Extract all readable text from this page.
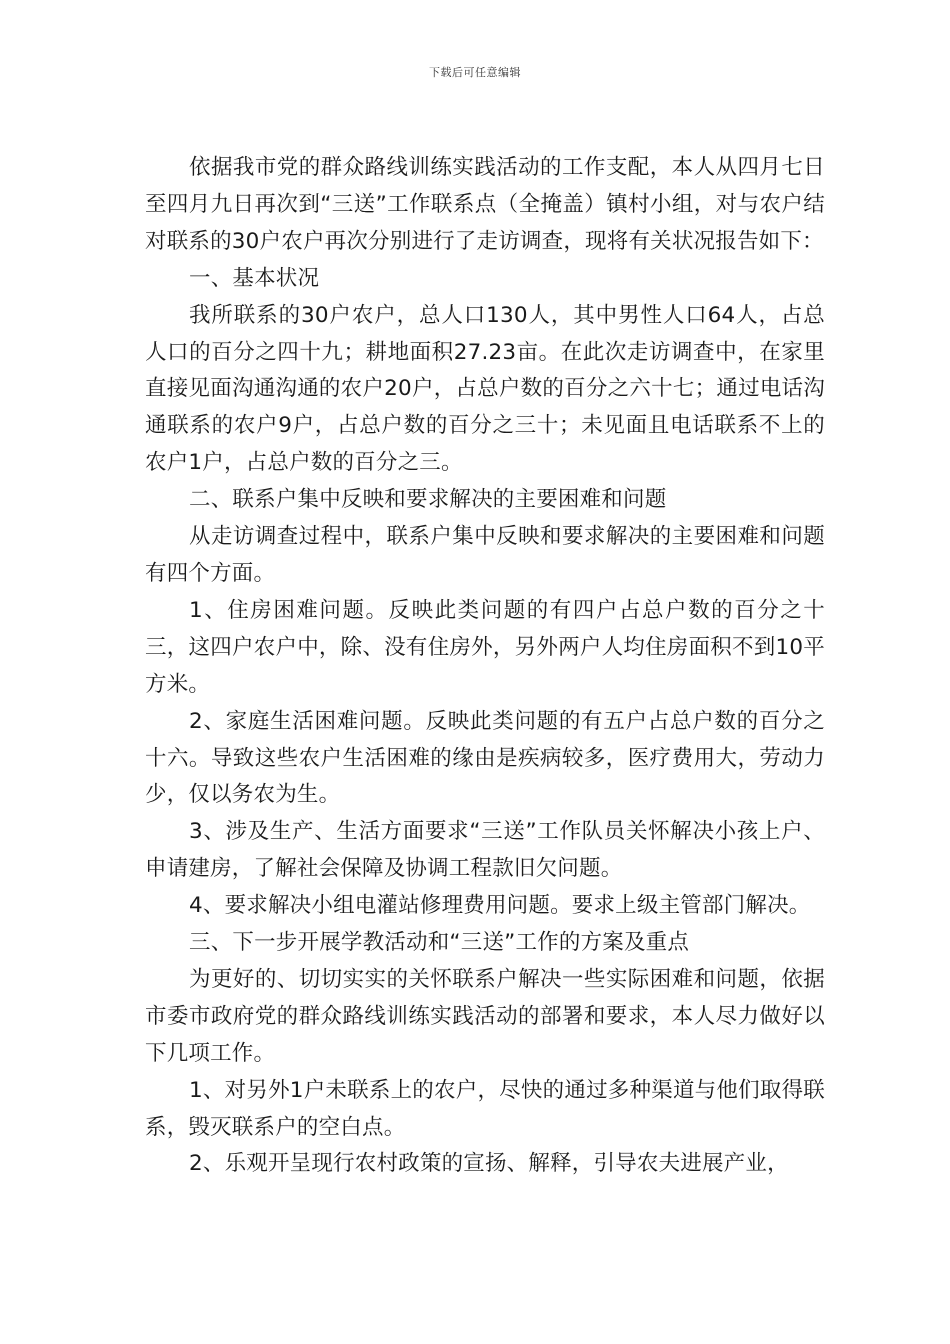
下载后可任意编辑

依据我市党的群众路线训练实践活动的工作支配，本人从四月七日至四月九日再次到“三送”工作联系点（全掩盖）镇村小组，对与农户结对联系的30户农户再次分别进行了走访调查，现将有关状况报告如下：

一、基本状况

我所联系的30户农户，总人口130人，其中男性人口64人，占总人口的百分之四十九；耕地面积27.23亩。在此次走访调查中，在家里直接见面沟通沟通的农户20户，占总户数的百分之六十七；通过电话沟通联系的农户9户，占总户数的百分之三十；未见面且电话联系不上的农户1户，占总户数的百分之三。

二、联系户集中反映和要求解决的主要困难和问题

从走访调查过程中，联系户集中反映和要求解决的主要困难和问题有四个方面。

1、住房困难问题。反映此类问题的有四户占总户数的百分之十三，这四户农户中，除、没有住房外，另外两户人均住房面积不到10平方米。

2、家庭生活困难问题。反映此类问题的有五户占总户数的百分之十六。导致这些农户生活困难的缘由是疾病较多，医疗费用大，劳动力少，仅以务农为生。

3、涉及生产、生活方面要求“三送”工作队员关怀解决小孩上户、申请建房，了解社会保障及协调工程款旧欠问题。

4、要求解决小组电灌站修理费用问题。要求上级主管部门解决。

三、下一步开展学教活动和“三送”工作的方案及重点

为更好的、切切实实的关怀联系户解决一些实际困难和问题，依据市委市政府党的群众路线训练实践活动的部署和要求，本人尽力做好以下几项工作。

1、对另外1户未联系上的农户，尽快的通过多种渠道与他们取得联系，毁灭联系户的空白点。

2、乐观开呈现行农村政策的宣扬、解释，引导农夫进展产业，
